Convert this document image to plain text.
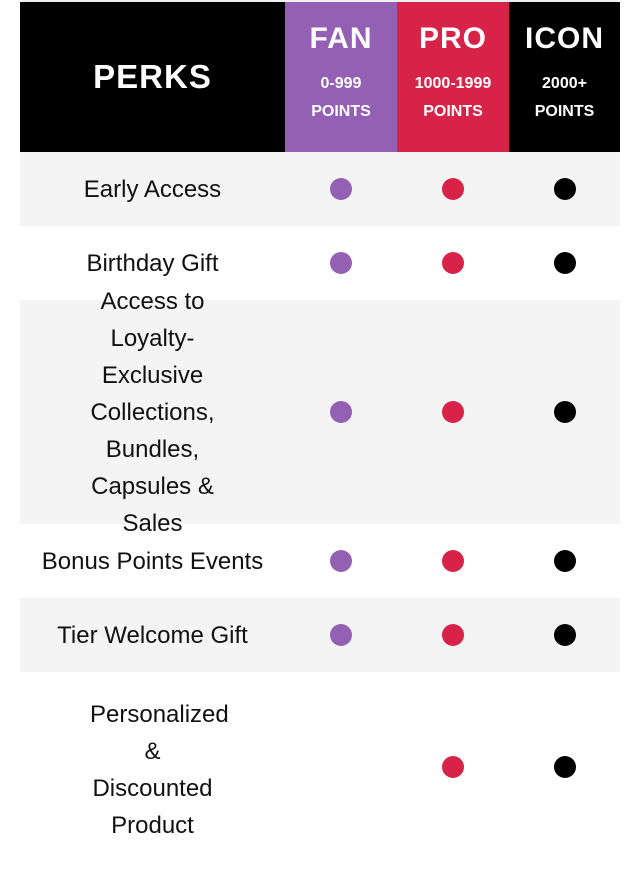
PERKS
FAN
0-999
POINTS
PRO
1000-1999
POINTS
ICON
2000+
POINTS
Early Access
Birthday Gift
Access to Loyalty-Exclusive Collections, Bundles, Capsules & Sales
Bonus Points Events
Tier Welcome Gift
Personalized & Discounted Product
